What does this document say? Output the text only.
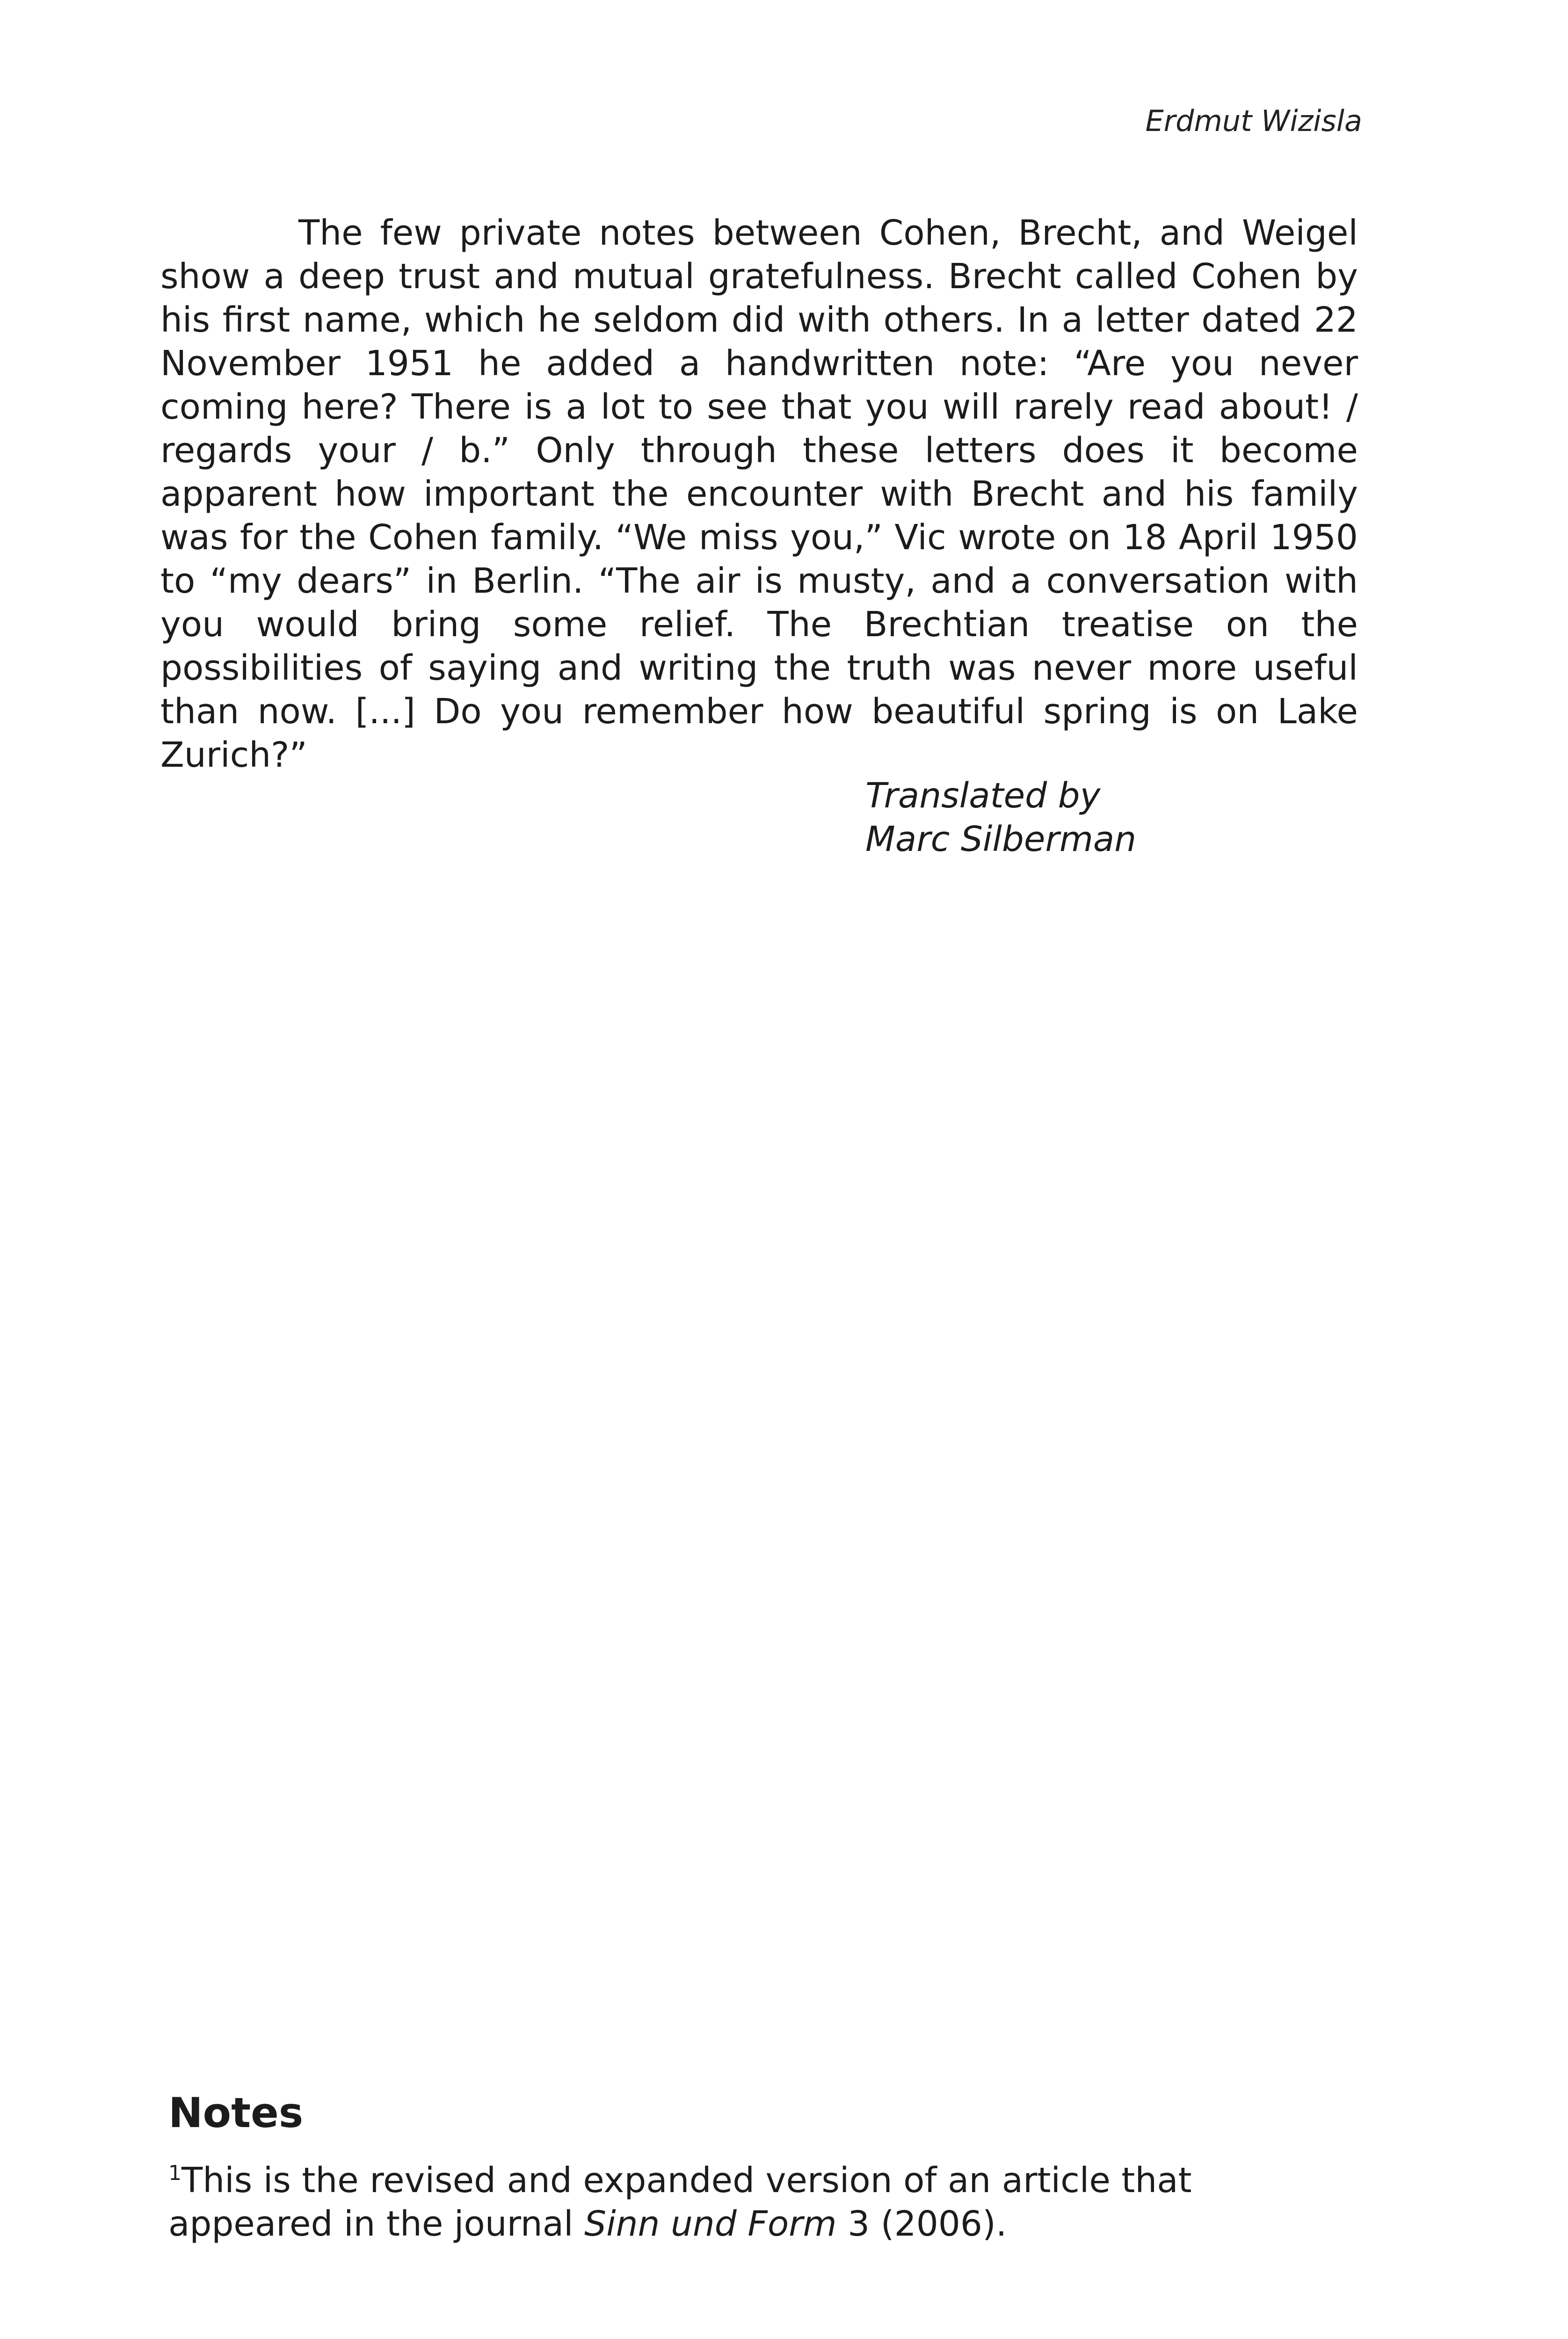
Erdmut Wizisla

The few private notes between Cohen, Brecht, and Weigel show a deep trust and mutual gratefulness. Brecht called Cohen by his first name, which he seldom did with others. In a letter dated 22 November 1951 he added a handwritten note: “Are you never coming here? There is a lot to see that you will rarely read about! / regards your / b.” Only through these letters does it become apparent how important the encounter with Brecht and his family was for the Cohen family. “We miss you,” Vic wrote on 18 April 1950 to “my dears” in Berlin. “The air is musty, and a conversation with you would bring some relief. The Brechtian treatise on the possibilities of saying and writing the truth was never more useful than now. [...] Do you remember how beautiful spring is on Lake Zurich?”

Translated by
Marc Silberman
Notes

$^1$This is the revised and expanded version of an article that appeared in the journal Sinn und Form 3 (2006).
